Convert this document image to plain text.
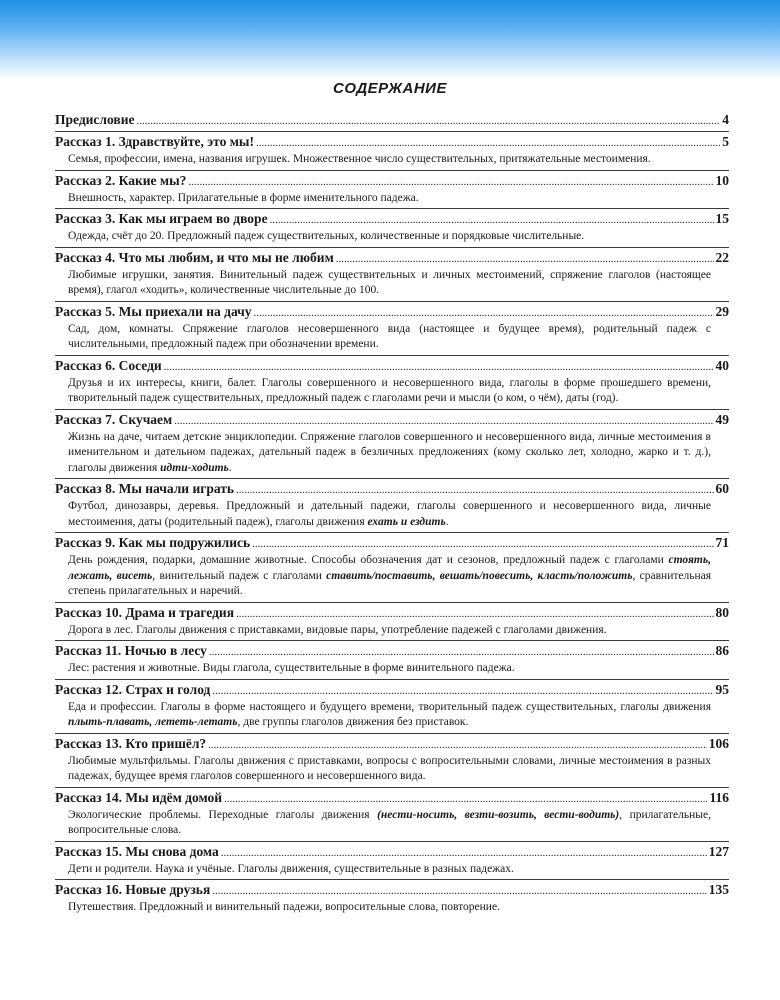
СОДЕРЖАНИЕ
Предисловие .....	4
Рассказ 1. Здравствуйте, это мы! .....	5
Семья, профессии, имена, названия игрушек. Множественное число существительных, притяжательные местоимения.
Рассказ 2. Какие мы? .....	10
Внешность, характер. Прилагательные в форме именительного падежа.
Рассказ 3. Как мы играем во дворе .....	15
Одежда, счёт до 20. Предложный падеж существительных, количественные и порядковые числительные.
Рассказ 4. Что мы любим, и что мы не любим .....	22
Любимые игрушки, занятия. Винительный падеж существительных и личных местоимений, спряжение глаголов (настоящее время), глагол «ходить», количественные числительные до 100.
Рассказ 5. Мы приехали на дачу .....	29
Сад, дом, комнаты. Спряжение глаголов несовершенного вида (настоящее и будущее время), родительный падеж с числительными, предложный падеж при обозначении времени.
Рассказ 6. Соседи .....	40
Друзья и их интересы, книги, балет. Глаголы совершенного и несовершенного вида, глаголы в форме прошедшего времени, творительный падеж существительных, предложный падеж с глаголами речи и мысли (о ком, о чём), даты (год).
Рассказ 7. Скучаем .....	49
Жизнь на даче, читаем детские энциклопедии. Спряжение глаголов совершенного и несовершенного вида, личные местоимения в именительном и дательном падежах, дательный падеж в безличных предложениях (кому сколько лет, холодно, жарко и т. д.), глаголы движения идти-ходить.
Рассказ 8. Мы начали играть .....	60
Футбол, динозавры, деревья. Предложный и дательный падежи, глаголы совершенного и несовершенного вида, личные местоимения, даты (родительный падеж), глаголы движения ехать и ездить.
Рассказ 9. Как мы подружились .....	71
День рождения, подарки, домашние животные. Способы обозначения дат и сезонов, предложный падеж с глаголами стоять, лежать, висеть, винительный падеж с глаголами ставить/поставить, вешать/повесить, класть/положить, сравнительная степень прилагательных и наречий.
Рассказ 10. Драма и трагедия .....	80
Дорога в лес. Глаголы движения с приставками, видовые пары, употребление падежей с глаголами движения.
Рассказ 11. Ночью в лесу .....	86
Лес: растения и животные. Виды глагола, существительные в форме винительного падежа.
Рассказ 12. Страх и голод .....	95
Еда и профессии. Глаголы в форме настоящего и будущего времени, творительный падеж существительных, глаголы движения плыть-плавать, лететь-летать, две группы глаголов движения без приставок.
Рассказ 13. Кто пришёл? .....	106
Любимые мультфильмы. Глаголы движения с приставками, вопросы с вопросительными словами, личные местоимения в разных падежах, будущее время глаголов совершенного и несовершенного вида.
Рассказ 14. Мы идём домой .....	116
Экологические проблемы. Переходные глаголы движения (нести-носить, везти-возить, вести-водить), прилагательные, вопросительные слова.
Рассказ 15. Мы снова дома .....	127
Дети и родители. Наука и учёные. Глаголы движения, существительные в разных падежах.
Рассказ 16. Новые друзья .....	135
Путешествия. Предложный и винительный падежи, вопросительные слова, повторение.
